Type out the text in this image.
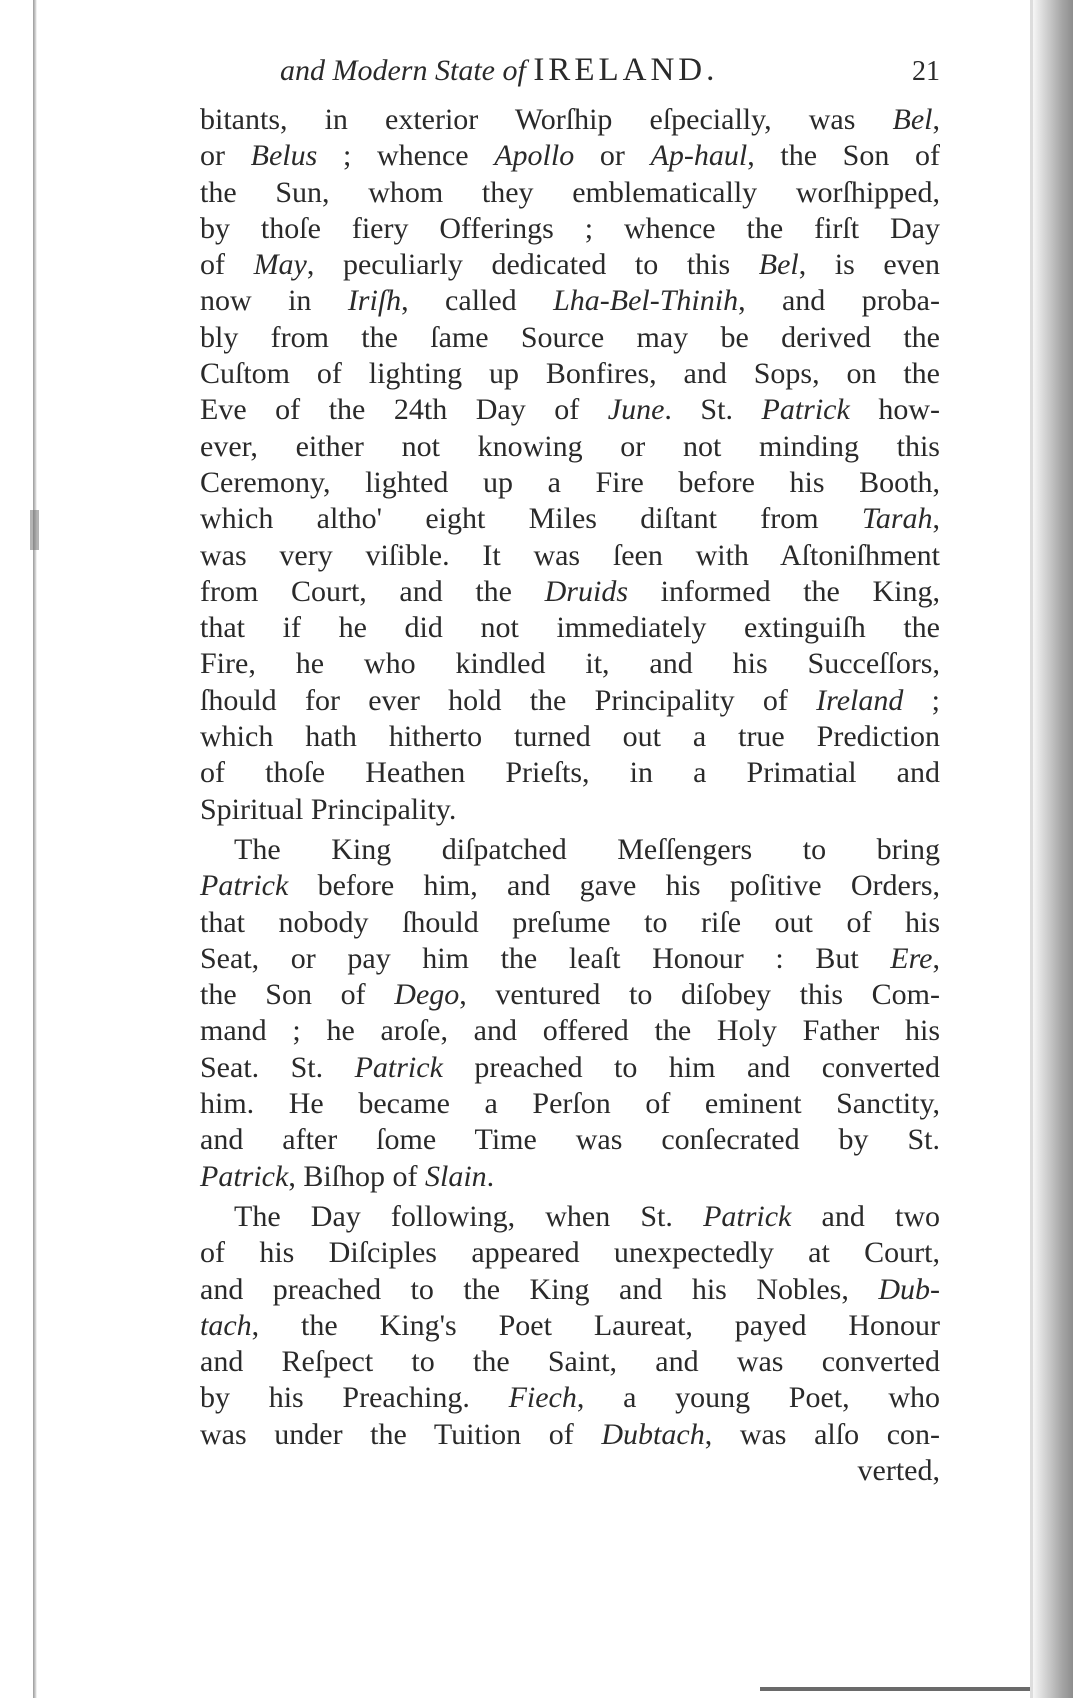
and Modern State of IRELAND.	21
bitants, in exterior Worſhip eſpecially, was Bel,
or Belus ; whence Apollo or Ap-haul, the Son of
the Sun, whom they emblematically worſhipped,
by thoſe fiery Offerings ; whence the firſt Day
of May, peculiarly dedicated to this Bel, is even
now in Iriſh, called Lha-Bel-Thinih, and proba-
bly from the ſame Source may be derived the
Cuſtom of lighting up Bonfires, and Sops, on the
Eve of the 24th Day of June. St. Patrick how-
ever, either not knowing or not minding this
Ceremony, lighted up a Fire before his Booth,
which altho' eight Miles diſtant from Tarah,
was very viſible. It was ſeen with Aſtoniſhment
from Court, and the Druids informed the King,
that if he did not immediately extinguiſh the
Fire, he who kindled it, and his Succeſſors,
ſhould for ever hold the Principality of Ireland ;
which hath hitherto turned out a true Prediction
of thoſe Heathen Prieſts, in a Primatial and
Spiritual Principality.
The King diſpatched Meſſengers to bring
Patrick before him, and gave his poſitive Orders,
that nobody ſhould preſume to riſe out of his
Seat, or pay him the leaſt Honour : But Ere,
the Son of Dego, ventured to diſobey this Com-
mand ; he aroſe, and offered the Holy Father his
Seat. St. Patrick preached to him and converted
him. He became a Perſon of eminent Sanctity,
and after ſome Time was conſecrated by St.
Patrick, Biſhop of Slain.
The Day following, when St. Patrick and two
of his Diſciples appeared unexpectedly at Court,
and preached to the King and his Nobles, Dub-
tach, the King's Poet Laureat, payed Honour
and Reſpect to the Saint, and was converted
by his Preaching. Fiech, a young Poet, who
was under the Tuition of Dubtach, was alſo con-
verted,
